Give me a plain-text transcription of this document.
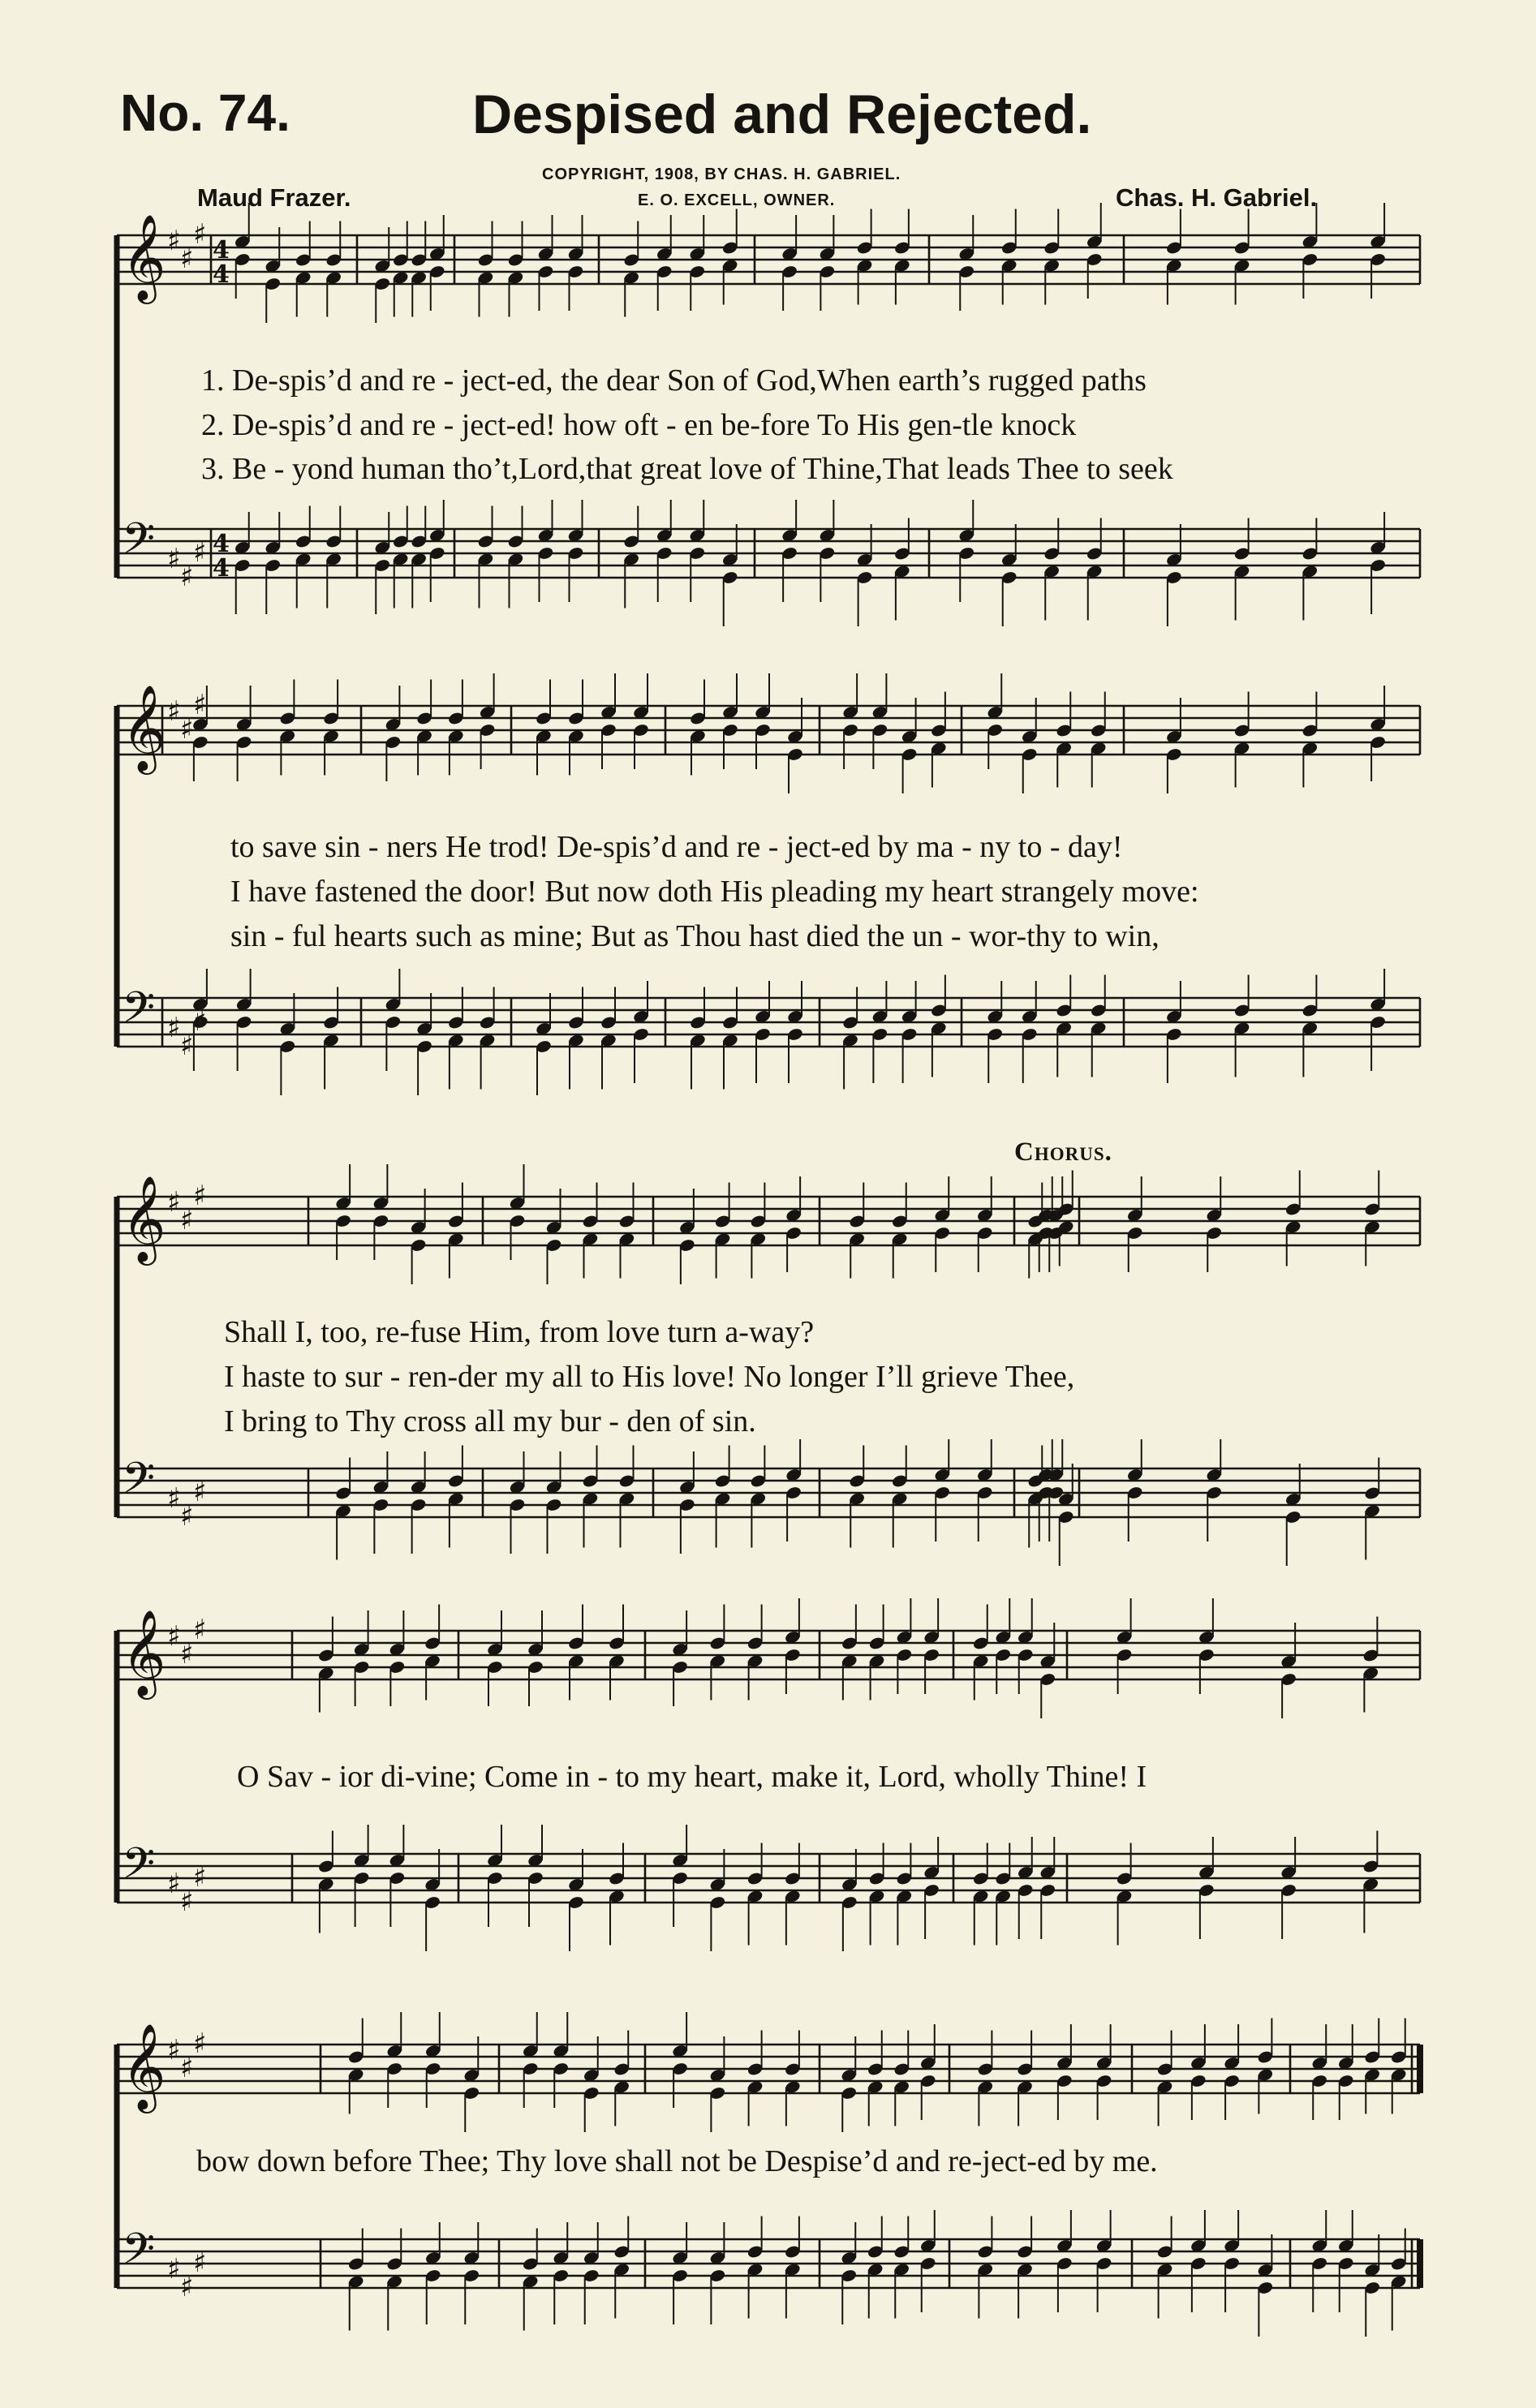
𝄞 ♯
♯
♯
𝄢 ♯
♯
♯
4
4
4
4
𝄞 ♯
♯
♯
𝄢 ♯
♯
𝄞 ♯
♯
♯
𝄢 ♯
♯
♯
𝄞 ♯
♯
♯
𝄢 ♯
♯
♯
𝄞 ♯
♯
♯
𝄢 ♯
♯
♯
No. 74.	Despised and Rejected.
COPYRIGHT, 1908, BY CHAS. H. GABRIEL.
E. O. EXCELL, OWNER.
Maud Frazer.	Chas. H. Gabriel.
Chorus.
1. De-spis’d and re - ject-ed, the dear Son of God,When earth’s rugged paths
2. De-spis’d and re - ject-ed! how oft - en be-fore To His gen-tle knock
3. Be - yond human tho’t,Lord,that great love of Thine,That leads Thee to seek
to save sin - ners He trod! De-spis’d and re - ject-ed by ma - ny to - day!
I have fastened the door! But now doth His pleading my heart strangely move:
sin - ful hearts such as mine; But as Thou hast died the un - wor-thy to win,
Shall I, too, re-fuse Him, from love turn a-way?
I haste to sur - ren-der my all to His love! No longer I’ll grieve Thee,
I bring to Thy cross all my bur - den of sin.
O Sav - ior di-vine; Come in - to my heart, make it, Lord, wholly Thine! I
bow down before Thee; Thy love shall not be Despise’d and re-ject-ed by me.
